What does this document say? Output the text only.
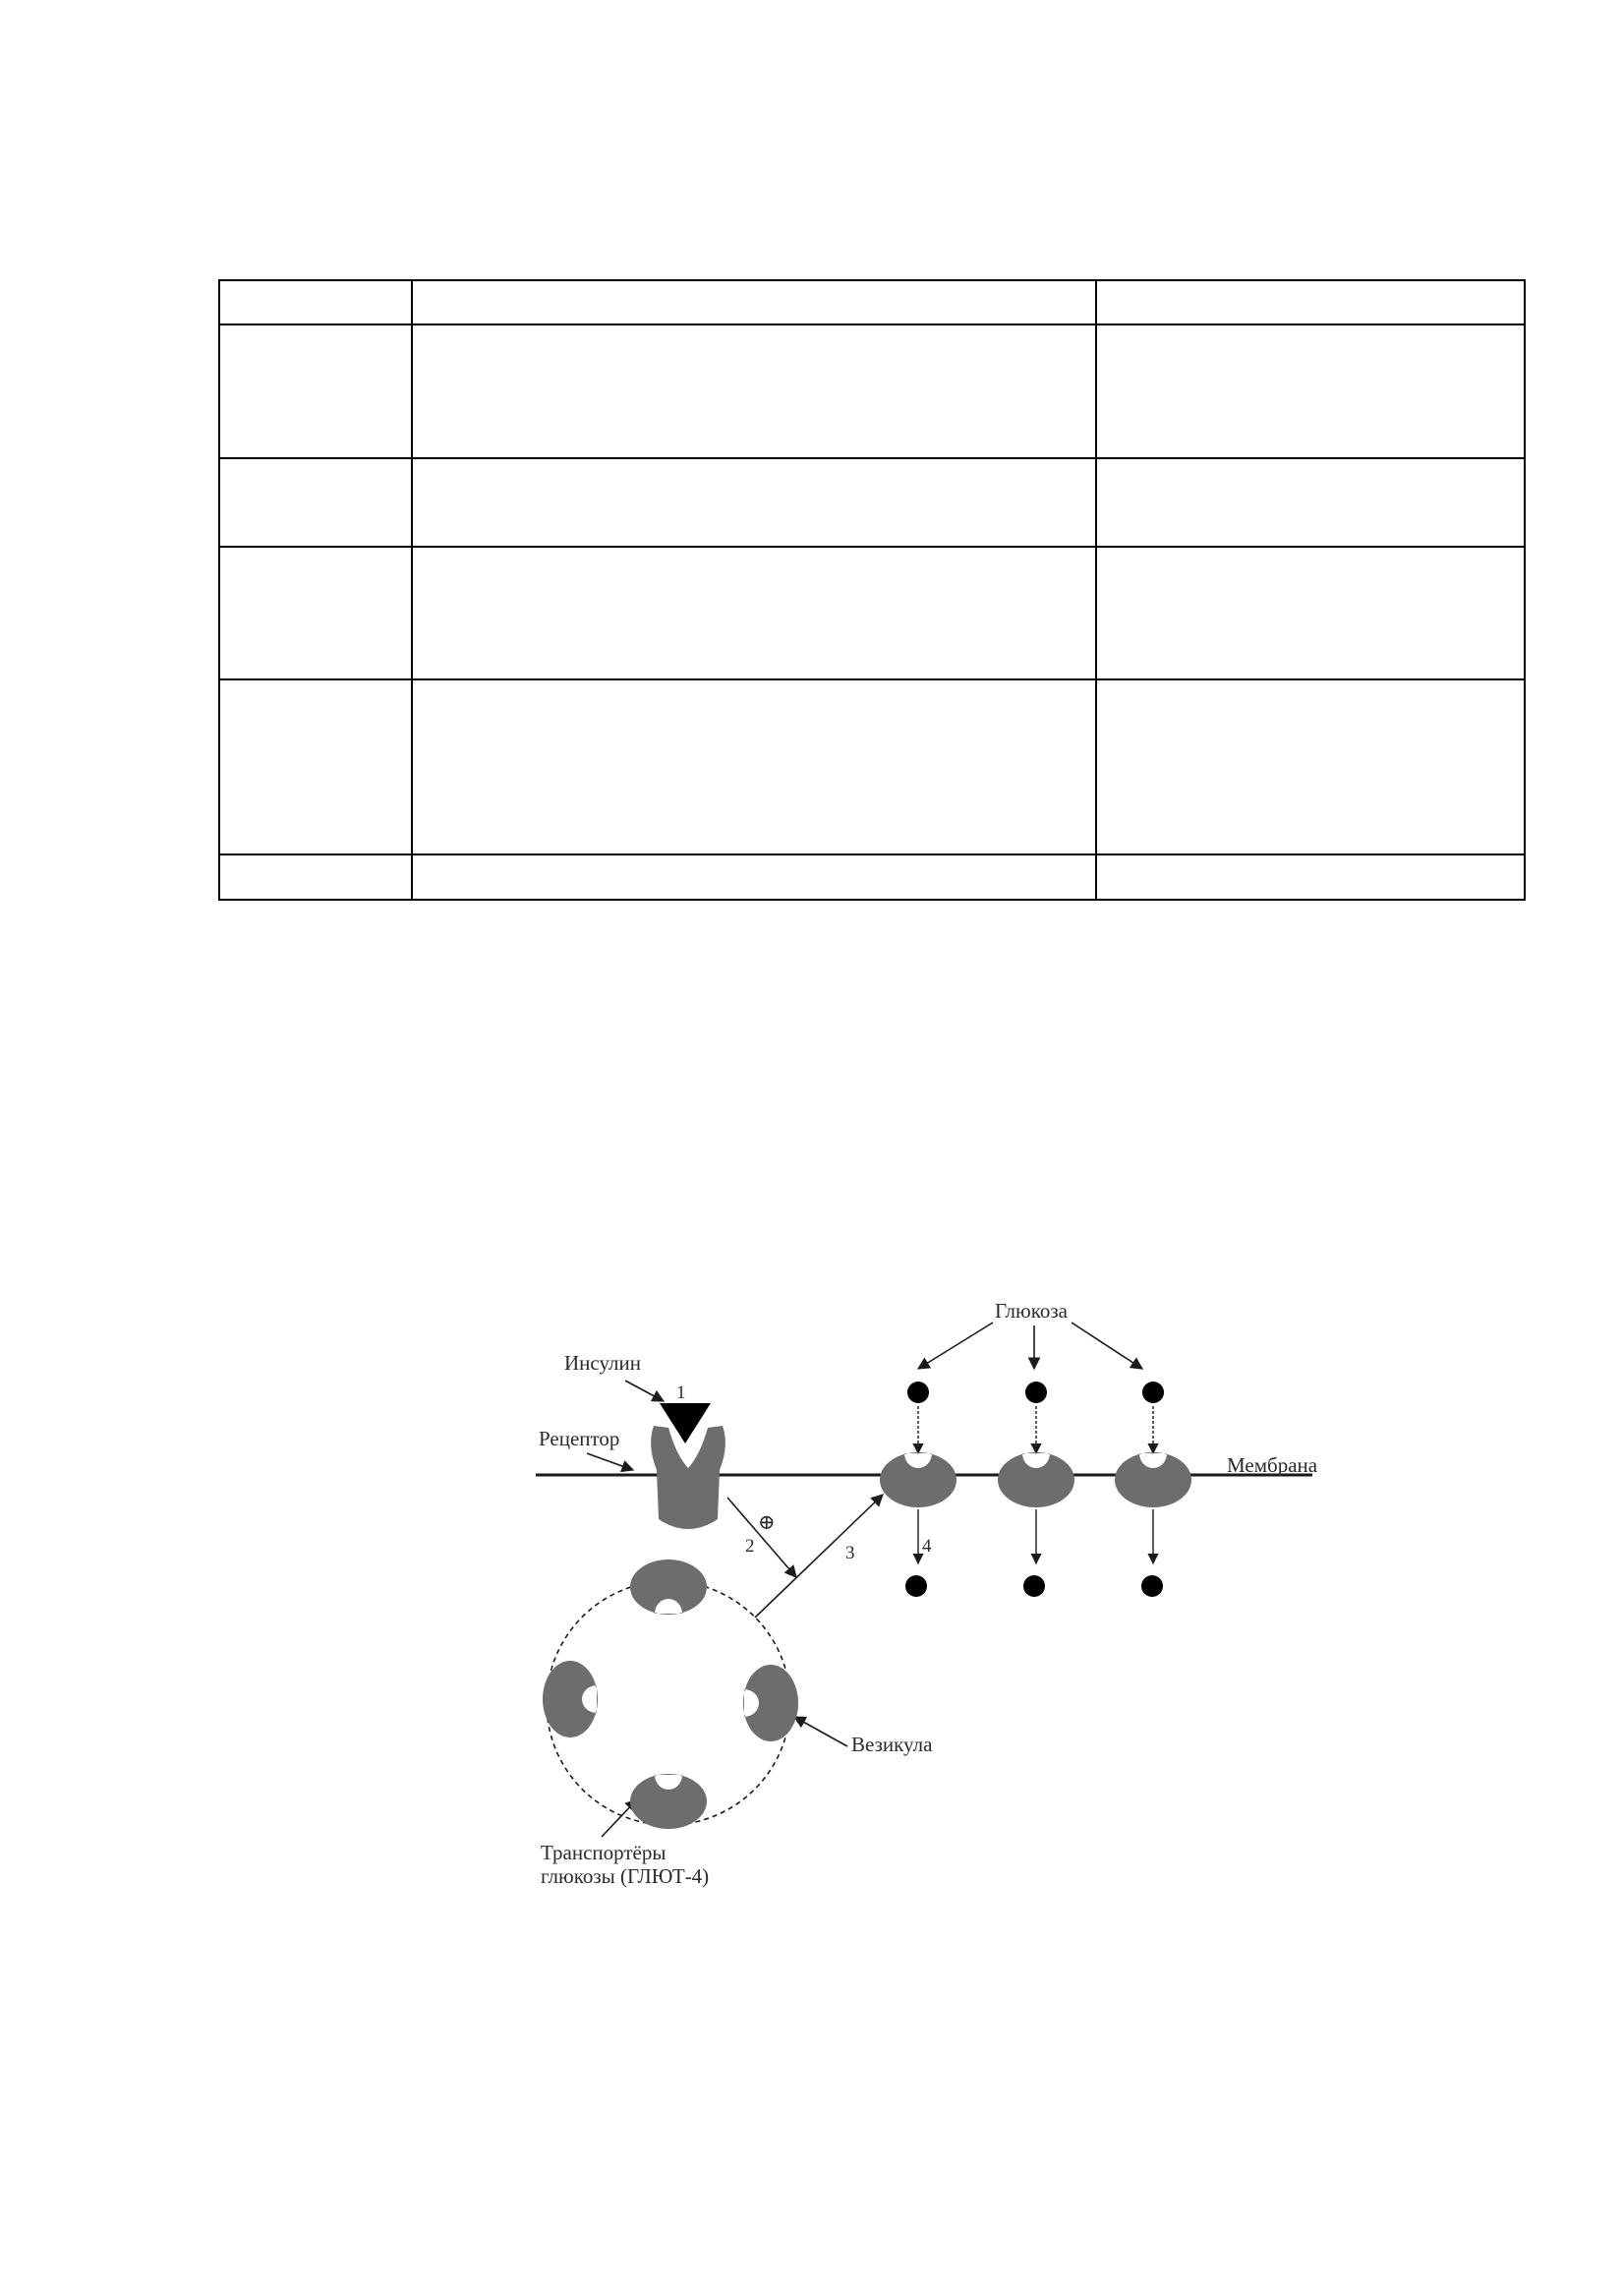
Инсулин
1
Рецептор
Глюкоза
Мембрана
Везикула
Транспортёры
глюкозы (ГЛЮТ-4)
2
⊕
3	4
